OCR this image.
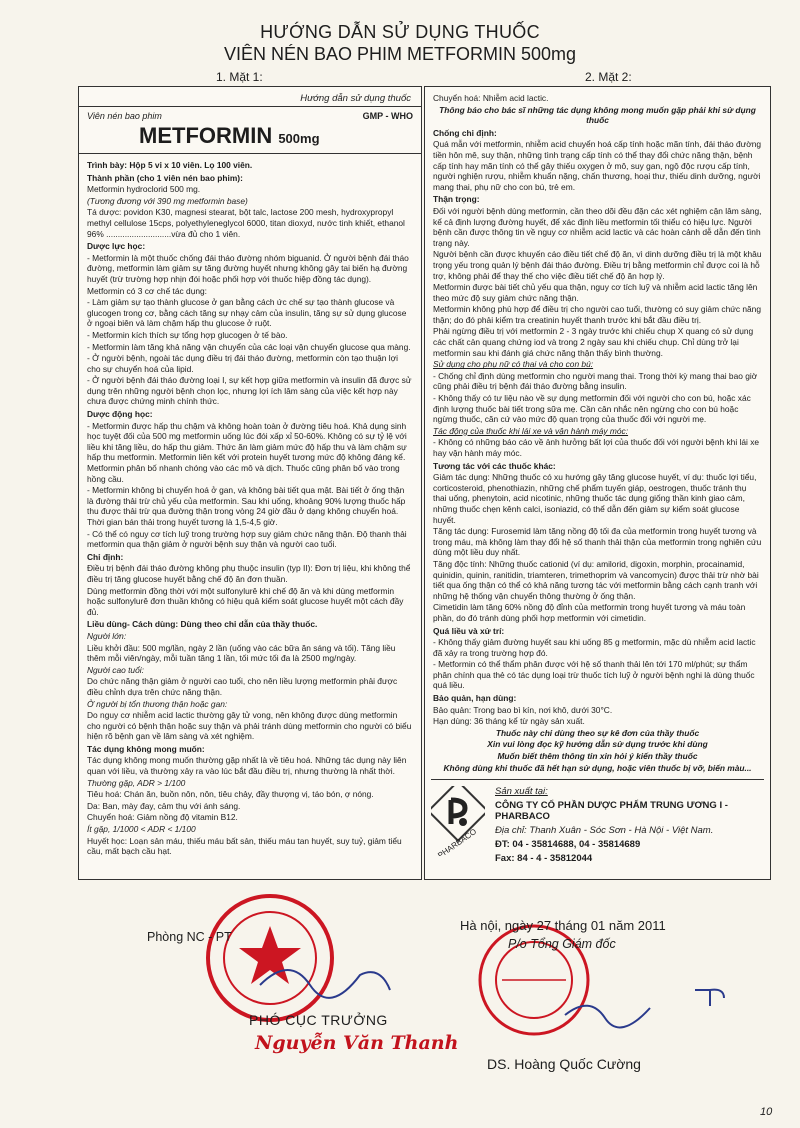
HƯỚNG DẪN SỬ DỤNG THUỐC
VIÊN NÉN BAO PHIM METFORMIN 500mg
1. Mặt 1:	2. Mặt 2:
Hướng dẫn sử dụng thuốc
Viên nén bao phim	GMP - WHO
METFORMIN 500mg

Trình bày: Hộp 5 vỉ x 10 viên. Lọ 100 viên.

Thành phần (cho 1 viên nén bao phim):

Metformin hydroclorid 500 mg.

(Tương đương với 390 mg metformin base)

Tá dược: povidon K30, magnesi stearat, bột talc, lactose 200 mesh, hydroxypropyl methyl cellulose 15cps, polyethyleneglycol 6000, titan dioxyd, nước tinh khiết, ethanol 96% ............................vừa đủ cho 1 viên.

Dược lực học:

- Metformin là một thuốc chống đái tháo đường nhóm biguanid. Ở người bệnh đái tháo đường, metformin làm giảm sự tăng đường huyết nhưng không gây tai biến hạ đường huyết (trừ trường hợp nhịn đói hoặc phối hợp với thuốc hiệp đồng tác dụng).

Metformin có 3 cơ chế tác dụng:

- Làm giảm sự tạo thành glucose ở gan bằng cách ức chế sự tạo thành glucose và glucogen trong cơ, bằng cách tăng sự nhạy cảm của insulin, tăng sự sử dụng glucose ở ngoại biên và làm chậm hấp thu glucose ở ruột.

- Metformin kích thích sự tổng hợp glucogen ở tế bào.

- Metformin làm tăng khả năng vận chuyển của các loại vận chuyển glucose qua màng.

- Ở người bệnh, ngoài tác dụng điều trị đái tháo đường, metformin còn tạo thuận lợi cho sự chuyển hoá của lipid.

- Ở người bệnh đái tháo đường loại I, sự kết hợp giữa metformin và insulin đã được sử dụng trên những người bệnh chọn lọc, nhưng lợi ích lâm sàng của việc kết hợp này chưa được chứng minh chính thức.

Dược động học:

- Metformin được hấp thu chậm và không hoàn toàn ở đường tiêu hoá. Khả dụng sinh học tuyệt đối của 500 mg metformin uống lúc đói xấp xỉ 50-60%. Không có sự tỷ lệ với liều khi tăng liều, do hấp thu giảm. Thức ăn làm giảm mức độ hấp thu và làm chậm sự hấp thu metformin. Metformin liên kết với protein huyết tương mức độ không đáng kể. Metformin phân bố nhanh chóng vào các mô và dịch. Thuốc cũng phân bố vào trong hồng cầu.

- Metformin không bị chuyển hoá ở gan, và không bài tiết qua mật. Bài tiết ở ống thận là đường thải trừ chủ yếu của metformin. Sau khi uống, khoảng 90% lượng thuốc hấp thu được thải trừ qua đường thận trong vòng 24 giờ đầu ở dạng không chuyển hoá. Thời gian bán thải trong huyết tương là 1,5-4,5 giờ.

- Có thể có nguy cơ tích luỹ trong trường hợp suy giảm chức năng thận. Độ thanh thải metformin qua thận giảm ở người bệnh suy thận và người cao tuổi.

Chỉ định:

Điều trị bệnh đái tháo đường không phụ thuộc insulin (typ II): Đơn trị liệu, khi không thể điều trị tăng glucose huyết bằng chế độ ăn đơn thuần.

Dùng metformin đồng thời với một sulfonylurê khi chế độ ăn và khi dùng metformin hoặc sulfonylurê đơn thuần không có hiệu quả kiểm soát glucose huyết một cách đầy đủ.

Liều dùng- Cách dùng: Dùng theo chỉ dẫn của thầy thuốc.

Người lớn:

Liều khởi đầu: 500 mg/lần, ngày 2 lần (uống vào các bữa ăn sáng và tối). Tăng liều thêm mỗi viên/ngày, mỗi tuần tăng 1 lần, tối mức tối đa là 2500 mg/ngày.

Người cao tuổi:

Do chức năng thận giảm ở người cao tuổi, cho nên liều lượng metformin phải được điều chỉnh dựa trên chức năng thận.

Ở người bị tổn thương thận hoặc gan:

Do nguy cơ nhiễm acid lactic thường gây tử vong, nên không được dùng metformin cho người có bệnh thận hoặc suy thận và phải tránh dùng metformin cho người có biểu hiện rõ bệnh gan về lâm sàng và xét nghiệm.

Tác dụng không mong muốn:

Tác dụng không mong muốn thường gặp nhất là về tiêu hoá. Những tác dụng này liên quan với liều, và thường xảy ra vào lúc bắt đầu điều trị, nhưng thường là nhất thời.

Thường gặp, ADR > 1/100

Tiêu hoá: Chán ăn, buồn nôn, nôn, tiêu chảy, đầy thượng vị, táo bón, ợ nóng.

Da: Ban, mày đay, cảm thụ với ánh sáng.

Chuyển hoá: Giảm nồng độ vitamin B12.

Ít gặp, 1/1000 < ADR < 1/100

Huyết học: Loạn sản máu, thiếu máu bất sản, thiếu máu tan huyết, suy tuỷ, giảm tiểu cầu, mất bạch cầu hạt.

Chuyển hoá: Nhiễm acid lactic.

Thông báo cho bác sĩ những tác dụng không mong muốn gặp phải khi sử dụng thuốc

Chống chỉ định:

Quá mẫn với metformin, nhiễm acid chuyển hoá cấp tính hoặc mãn tính, đái tháo đường tiền hôn mê, suy thận, những tình trạng cấp tính có thể thay đổi chức năng thận, bệnh cấp tính hay mãn tính có thể gây thiếu oxygen ở mô, suy gan, ngộ độc rượu cấp tính, người nghiện rượu, nhiễm khuẩn nặng, chấn thương, hoại thư, thiếu dinh dưỡng, người mang thai, phụ nữ cho con bú, trẻ em.

Thận trọng:

Đối với người bệnh dùng metformin, cần theo dõi đều đặn các xét nghiệm cận lâm sàng, kể cả định lượng đường huyết, để xác định liều metformin tối thiểu có hiệu lực. Người bệnh cần được thông tin về nguy cơ nhiễm acid lactic và các hoàn cảnh dễ dẫn đến tình trạng này.

Người bệnh cần được khuyến cáo điều tiết chế độ ăn, vì dinh dưỡng điều trị là một khâu trọng yếu trong quản lý bệnh đái tháo đường. Điều trị bằng metformin chỉ được coi là hỗ trợ, không phải để thay thế cho việc điều tiết chế độ ăn hợp lý.

Metformin được bài tiết chủ yếu qua thận, nguy cơ tích luỹ và nhiễm acid lactic tăng lên theo mức độ suy giảm chức năng thận.

Metformin không phù hợp để điều trị cho người cao tuổi, thường có suy giảm chức năng thận; do đó phải kiểm tra creatinin huyết thanh trước khi bắt đầu điều trị.

Phải ngừng điều trị với metformin 2 - 3 ngày trước khi chiếu chụp X quang có sử dụng các chất cản quang chứng iod và trong 2 ngày sau khi chiếu chụp. Chỉ dùng trở lại metformin sau khi đánh giá chức năng thận thấy bình thường.

Sử dụng cho phụ nữ có thai và cho con bú:

- Chống chỉ định dùng metformin cho người mang thai. Trong thời kỳ mang thai bao giờ cũng phải điều trị bệnh đái tháo đường bằng insulin.

- Không thấy có tư liệu nào về sự dụng metformin đối với người cho con bú, hoặc xác định lượng thuốc bài tiết trong sữa mẹ. Cần cân nhắc nên ngừng cho con bú hoặc ngừng thuốc, căn cứ vào mức độ quan trọng của thuốc đối với người mẹ.

Tác động của thuốc khi lái xe và vận hành máy móc:

- Không có những báo cáo về ảnh hưởng bất lợi của thuốc đối với người bệnh khi lái xe hay vận hành máy móc.

Tương tác với các thuốc khác:

Giảm tác dụng: Những thuốc có xu hướng gây tăng glucose huyết, ví dụ: thuốc lợi tiểu, corticosteroid, phenothiazin, những chế phẩm tuyến giáp, oestrogen, thuốc tránh thụ thai uống, phenytoin, acid nicotinic, những thuốc tác dụng giống thần kinh giao cảm, những thuốc chẹn kênh calci, isoniazid, có thể dẫn đến giảm sự kiểm soát glucose huyết.

Tăng tác dụng: Furosemid làm tăng nồng độ tối đa của metformin trong huyết tương và trong máu, mà không làm thay đổi hệ số thanh thải thận của metformin trong nghiên cứu dùng một liều duy nhất.

Tăng độc tính: Những thuốc cationid (ví dụ: amilorid, digoxin, morphin, procainamid, quinidin, quinin, ranitidin, triamteren, trimethoprim và vancomycin) được thải trừ nhờ bài tiết qua ống thận có thể có khả năng tương tác với metformin bằng cách cạnh tranh với những hệ thống vận chuyển thông thường ở ống thận.

Cimetidin làm tăng 60% nồng độ đỉnh của metformin trong huyết tương và máu toàn phần, do đó tránh dùng phối hợp metformin với cimetidin.

Quá liều và xử trí:

- Không thấy giảm đường huyết sau khi uống 85 g metformin, mặc dù nhiễm acid lactic đã xảy ra trong trường hợp đó.

- Metformin có thể thẩm phân được với hệ số thanh thải lên tới 170 ml/phút; sự thẩm phân chính qua thẻ có tác dụng loại trừ thuốc tích luỹ ở người bệnh nghi là dùng thuốc quá liều.

Bảo quản, hạn dùng:

Bảo quản: Trong bao bì kín, nơi khô, dưới 30°C.

Hạn dùng: 36 tháng kể từ ngày sản xuất.

Thuốc này chỉ dùng theo sự kê đơn của thầy thuốc

Xin vui lòng đọc kỹ hướng dẫn sử dụng trước khi dùng

Muốn biết thêm thông tin xin hỏi ý kiến thầy thuốc

Không dùng khi thuốc đã hết hạn sử dụng, hoặc viên thuốc bị vỡ, biến màu...

PHARBACO

Sản xuất tại:

CÔNG TY CỔ PHẦN DƯỢC PHẨM TRUNG ƯƠNG I - PHARBACO

Địa chỉ: Thanh Xuân - Sóc Sơn - Hà Nội - Việt Nam.

ĐT: 04 - 35814688, 04 - 35814689

Fax: 84 - 4 - 35812044

Hà nội, ngày 27 tháng 01 năm 2011
Phòng NC - PT	P/o Tổng Giám đốc
PHÓ CỤC TRƯỞNG
Nguyễn Văn Thanh
DS. Hoàng Quốc Cường
10
